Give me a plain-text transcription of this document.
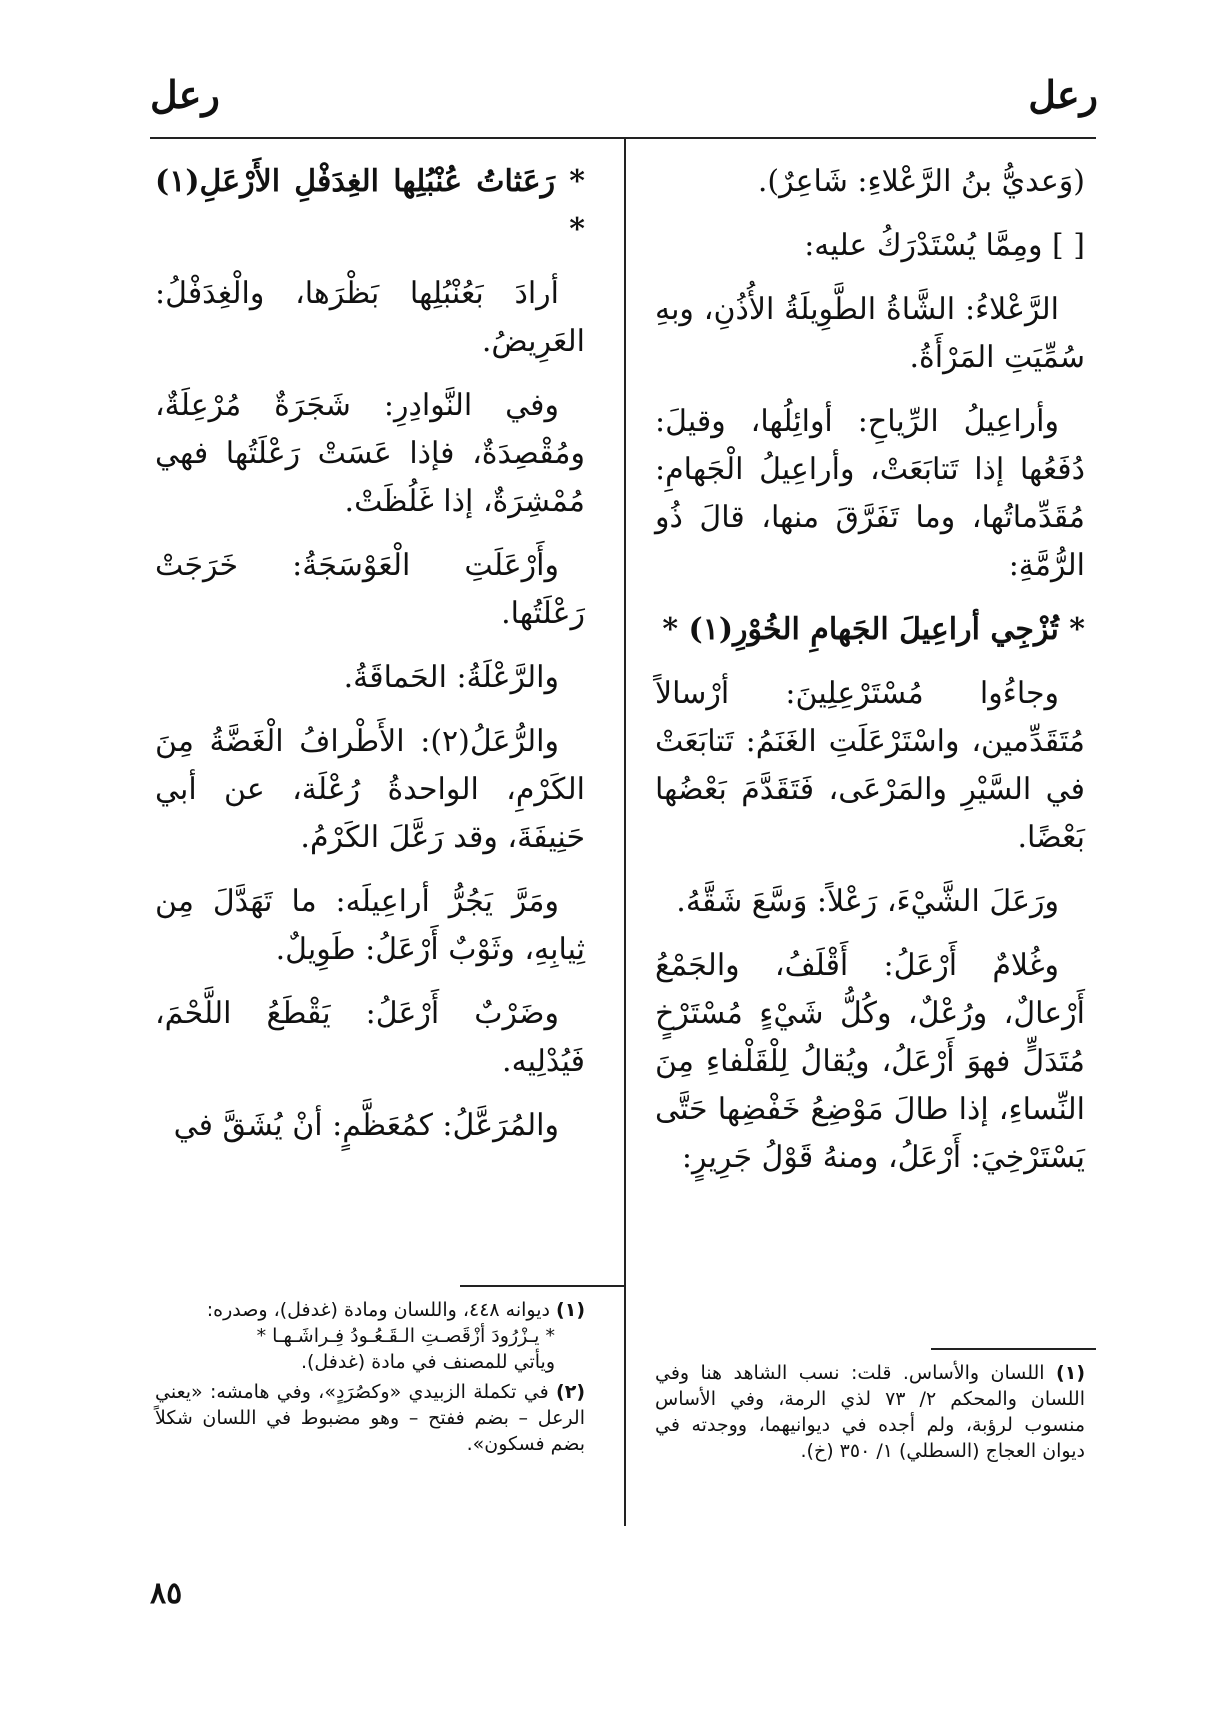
رعل
رعل

(وَعديُّ بنُ الرَّعْلاءِ: شَاعِرٌ).

[ ] ومِمَّا يُسْتَدْرَكُ عليه:

الرَّعْلاءُ: الشَّاةُ الطَّوِيلَةُ الأُذُنِ، وبهِ سُمِّيَتِ المَرْأَةُ.

وأراعِيلُ الرِّياحِ: أوائِلُها، وقيلَ: دُفَعُها إذا تَتابَعَتْ، وأراعِيلُ الْجَهامِ: مُقَدِّماتُها، وما تَفَرَّقَ منها، قالَ ذُو الرُّمَّةِ:

* تُزْجِي أراعِيلَ الجَهامِ الخُوْرِ(١) *

وجاءُوا مُسْتَرْعِلِينَ: أرْسالاً مُتَقَدِّمين، واسْتَرْعَلَتِ الغَنَمُ: تَتابَعَتْ في السَّيْرِ والمَرْعَى، فَتَقَدَّمَ بَعْضُها بَعْضًا.

ورَعَلَ الشَّيْءَ، رَعْلاً: وَسَّعَ شَقَّهُ.

وغُلامٌ أَرْعَلُ: أَقْلَفُ، والجَمْعُ أَرْعالٌ، ورُعْلٌ، وكُلُّ شَيْءٍ مُسْتَرْخٍ مُتَدَلٍّ فهوَ أَرْعَلُ، ويُقالُ لِلْقَلْفاءِ مِنَ النِّساءِ، إذا طالَ مَوْضِعُ خَفْضِها حَتَّى يَسْتَرْخِيَ: أَرْعَلُ، ومنهُ قَوْلُ جَرِيرٍ:

(١) اللسان والأساس. قلت: نسب الشاهد هنا وفي اللسان والمحكم ٢/ ٧٣ لذي الرمة، وفي الأساس منسوب لرؤبة، ولم أجده في ديوانيهما، ووجدته في ديوان العجاج (السطلي) ١/ ٣٥٠ (خ).

* رَعَثاتُ عُنْبُلِها الغِدَفْلِ الأَرْعَلِ(١) *

أرادَ بَعُنْبُلِها بَظْرَها، والْغِدَفْلُ: العَرِيضُ.

وفي النَّوادِرِ: شَجَرَةٌ مُرْعِلَةٌ، ومُقْصِدَةٌ، فإذا عَسَتْ رَعْلَتُها فهي مُمْشِرَةٌ، إذا غَلُظَتْ.

وأَرْعَلَتِ الْعَوْسَجَةُ: خَرَجَتْ رَعْلَتُها.

والرَّعْلَةُ: الحَماقَةُ.

والرُّعَلُ(٢): الأَطْرافُ الْغَضَّةُ مِنَ الكَرْمِ، الواحدةُ رُعْلَة، عن أبي حَنِيفَةَ، وقد رَعَّلَ الكَرْمُ.

ومَرَّ يَجُرُّ أراعِيلَه: ما تَهَدَّلَ مِن ثِيابِهِ، وثَوْبٌ أَرْعَلُ: طَوِيلٌ.

وضَرْبٌ أَرْعَلُ: يَقْطَعُ اللَّحْمَ، فَيُدْلِيه.

والمُرَعَّلُ: كمُعَظَّمٍ: أنْ يُشَقَّ في

(١) ديوانه ٤٤٨، واللسان ومادة (غدفل)، وصدره:
* يـزْرُودَ أزْقَصـتِ الـقَـعُـودُ فِـراشَـهـا *
ويأتي للمصنف في مادة (غدفل).

(٢) في تكملة الزبيدي «وكصُرَدٍ»، وفي هامشه: «يعني الرعل – بضم ففتح – وهو مضبوط في اللسان شكلاً بضم فسكون».

٨٥
